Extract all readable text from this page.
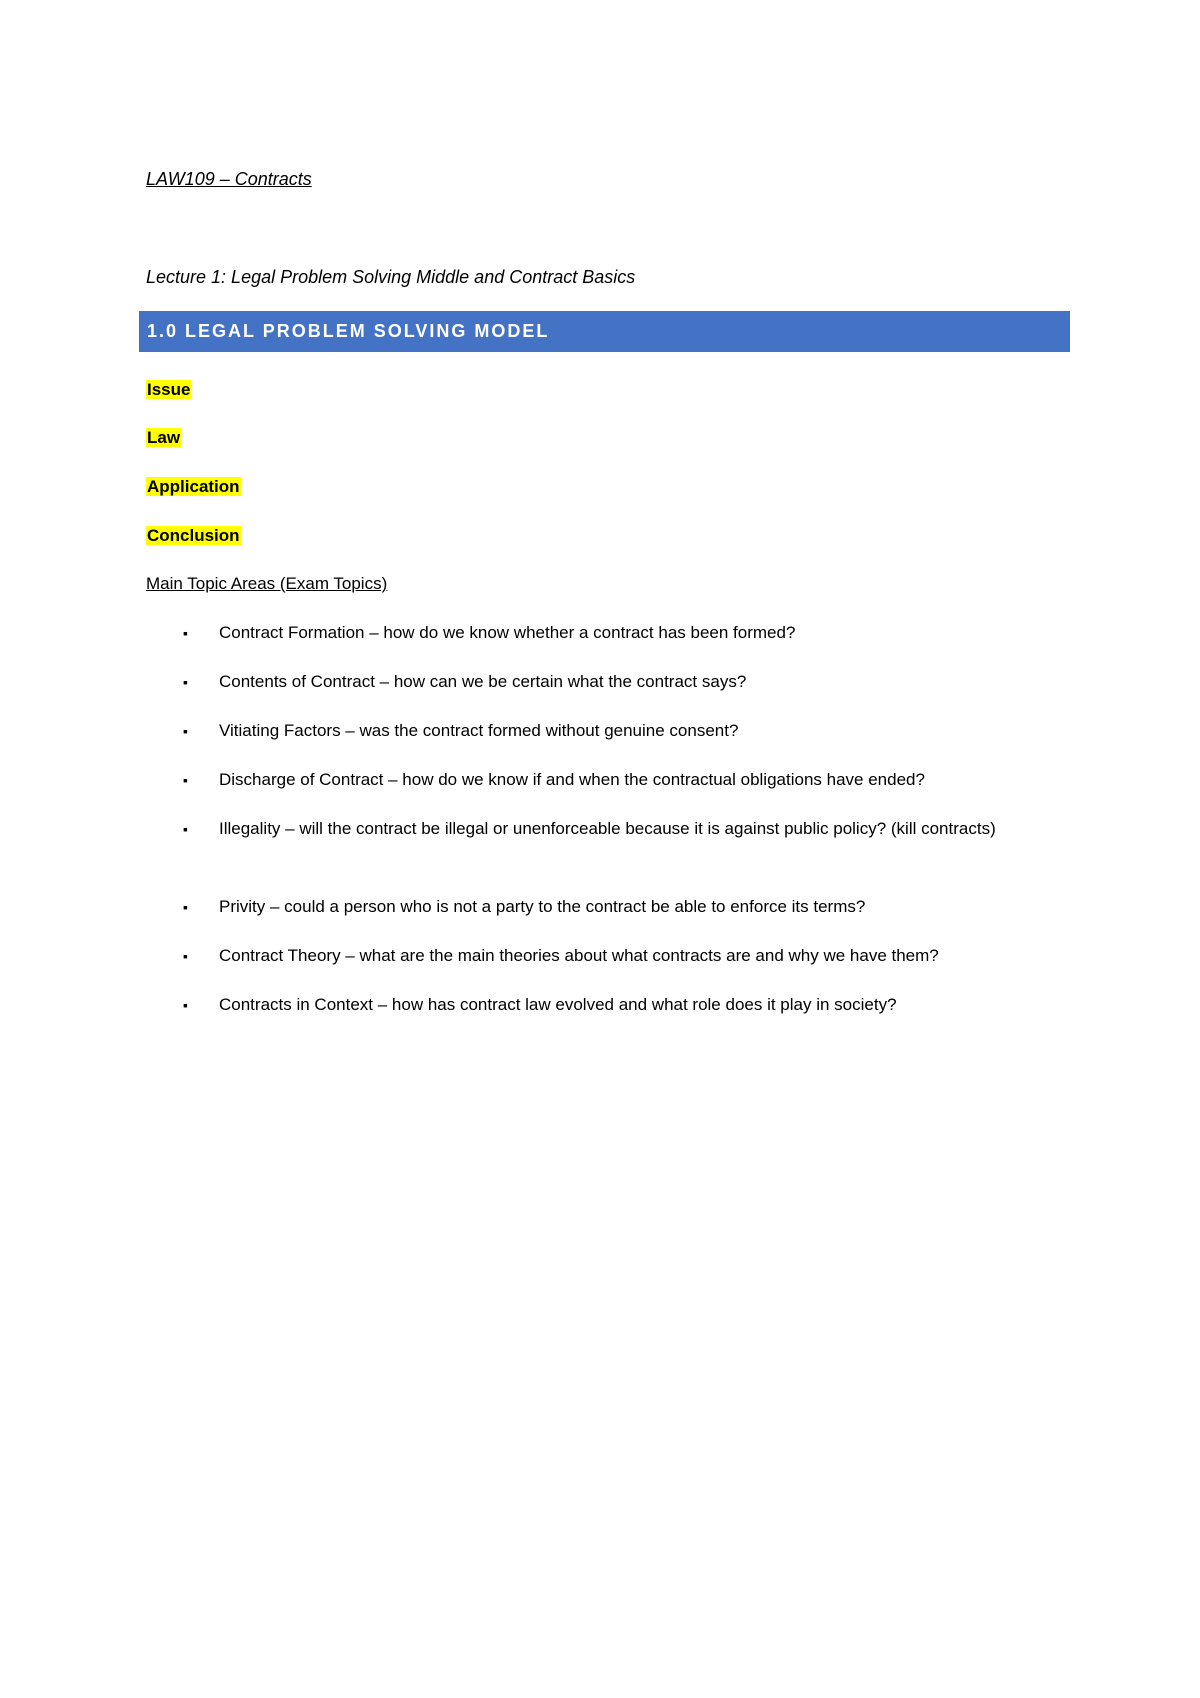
LAW109 – Contracts
Lecture 1: Legal Problem Solving Middle and Contract Basics
1.0 LEGAL PROBLEM SOLVING MODEL
Issue
Law
Application
Conclusion
Main Topic Areas (Exam Topics)
▪ Contract Formation – how do we know whether a contract has been formed?
▪ Contents of Contract – how can we be certain what the contract says?
▪ Vitiating Factors – was the contract formed without genuine consent?
▪ Discharge of Contract – how do we know if and when the contractual obligations have ended?
▪ Illegality – will the contract be illegal or unenforceable because it is against public policy? (kill contracts)
▪ Privity – could a person who is not a party to the contract be able to enforce its terms?
▪ Contract Theory – what are the main theories about what contracts are and why we have them?
▪ Contracts in Context – how has contract law evolved and what role does it play in society?
